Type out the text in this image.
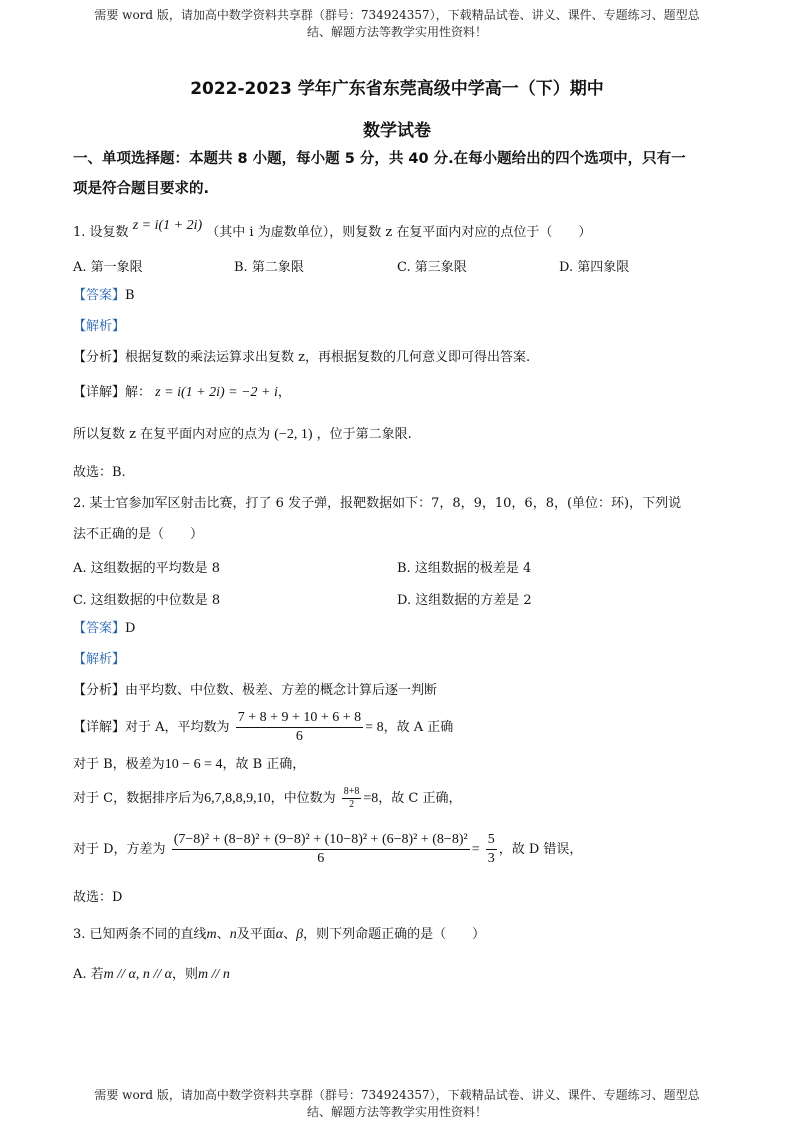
需要 word 版，请加高中数学资料共享群（群号：734924357），下载精品试卷、讲义、课件、专题练习、题型总
结、解题方法等教学实用性资料！
2022-2023 学年广东省东莞高级中学高一（下）期中
数学试卷
一、单项选择题：本题共 8 小题，每小题 5 分，共 40 分.在每小题给出的四个选项中，只有一
项是符合题目要求的.
1. 设复数 z = i(1 + 2i) （其中 i 为虚数单位），则复数 z 在复平面内对应的点位于（　　）
A. 第一象限	B. 第二象限	C. 第三象限	D. 第四象限
【答案】B
【解析】
【分析】根据复数的乘法运算求出复数 z，再根据复数的几何意义即可得出答案.
【详解】解： z = i(1 + 2i) = −2 + i，
所以复数 z 在复平面内对应的点为 (−2, 1) ，位于第二象限.
故选：B.
2. 某士官参加军区射击比赛，打了 6 发子弹，报靶数据如下：7，8，9，10，6，8，(单位：环)，下列说
法不正确的是（　　）
A. 这组数据的平均数是 8	B. 这组数据的极差是 4
C. 这组数据的中位数是 8	D. 这组数据的方差是 2
【答案】D
【解析】
【分析】由平均数、中位数、极差、方差的概念计算后逐一判断
【详解】对于 A，平均数为 $\frac{7 + 8 + 9 + 10 + 6 + 8}{6} = 8$，故 A 正确
对于 B，极差为10 − 6 = 4，故 B 正确，
对于 C，数据排序后为6,7,8,8,9,10，中位数为 $\frac{8+8}{2} =8$，故 C 正确，
对于 D，方差为 $\frac{\text{(7−8)² + (8−8)² + (9−8)² + (10−8)² + (6−8)² + (8−8)²}}{6} = \frac{5}{3}$ ，故 D 错误，
故选：D
3. 已知两条不同的直线m、n及平面α、β，则下列命题正确的是（　　）
A. 若m // α, n // α，则m // n
需要 word 版，请加高中数学资料共享群（群号：734924357），下载精品试卷、讲义、课件、专题练习、题型总
结、解题方法等教学实用性资料！
